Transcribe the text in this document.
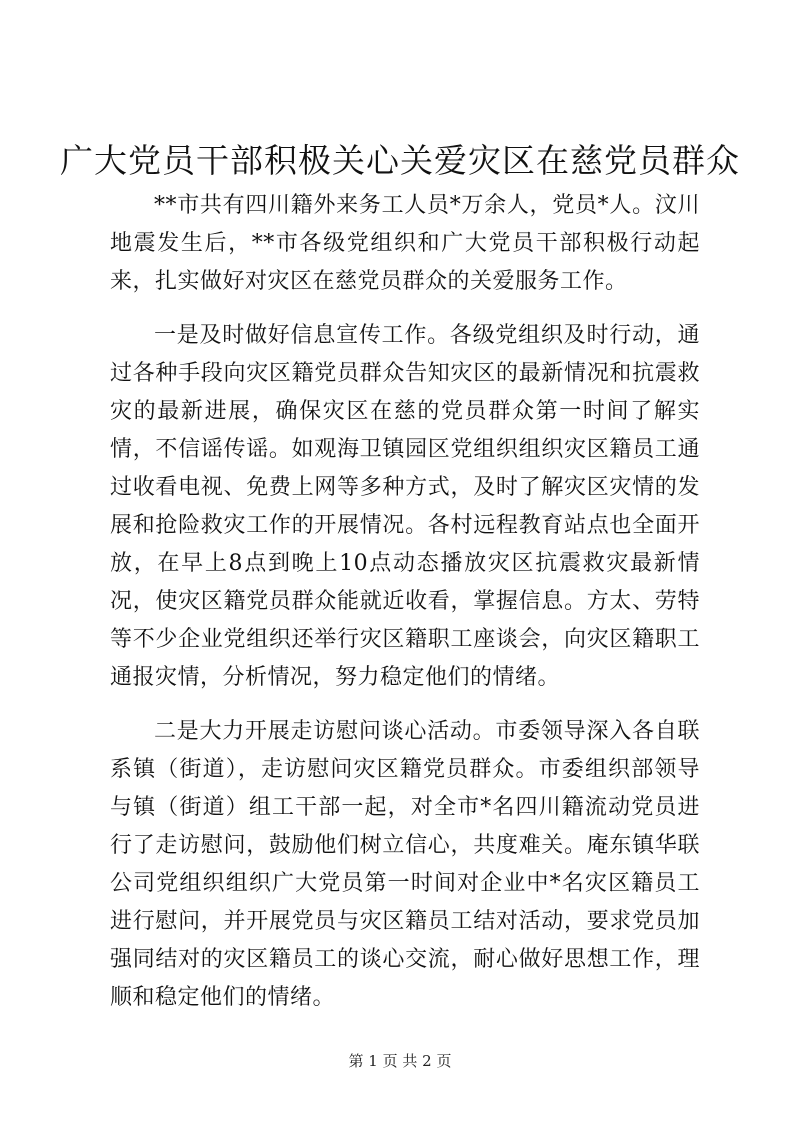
广大党员干部积极关心关爱灾区在慈党员群众

**市共有四川籍外来务工人员*万余人，党员*人。汶川地震发生后，**市各级党组织和广大党员干部积极行动起来，扎实做好对灾区在慈党员群众的关爱服务工作。

一是及时做好信息宣传工作。各级党组织及时行动，通过各种手段向灾区籍党员群众告知灾区的最新情况和抗震救灾的最新进展，确保灾区在慈的党员群众第一时间了解实情，不信谣传谣。如观海卫镇园区党组织组织灾区籍员工通过收看电视、免费上网等多种方式，及时了解灾区灾情的发展和抢险救灾工作的开展情况。各村远程教育站点也全面开放，在早上8点到晚上10点动态播放灾区抗震救灾最新情况，使灾区籍党员群众能就近收看，掌握信息。方太、劳特等不少企业党组织还举行灾区籍职工座谈会，向灾区籍职工通报灾情，分析情况，努力稳定他们的情绪。

二是大力开展走访慰问谈心活动。市委领导深入各自联系镇（街道），走访慰问灾区籍党员群众。市委组织部领导与镇（街道）组工干部一起，对全市*名四川籍流动党员进行了走访慰问，鼓励他们树立信心，共度难关。庵东镇华联公司党组织组织广大党员第一时间对企业中*名灾区籍员工进行慰问，并开展党员与灾区籍员工结对活动，要求党员加强同结对的灾区籍员工的谈心交流，耐心做好思想工作，理顺和稳定他们的情绪。

第 1 页 共 2 页
